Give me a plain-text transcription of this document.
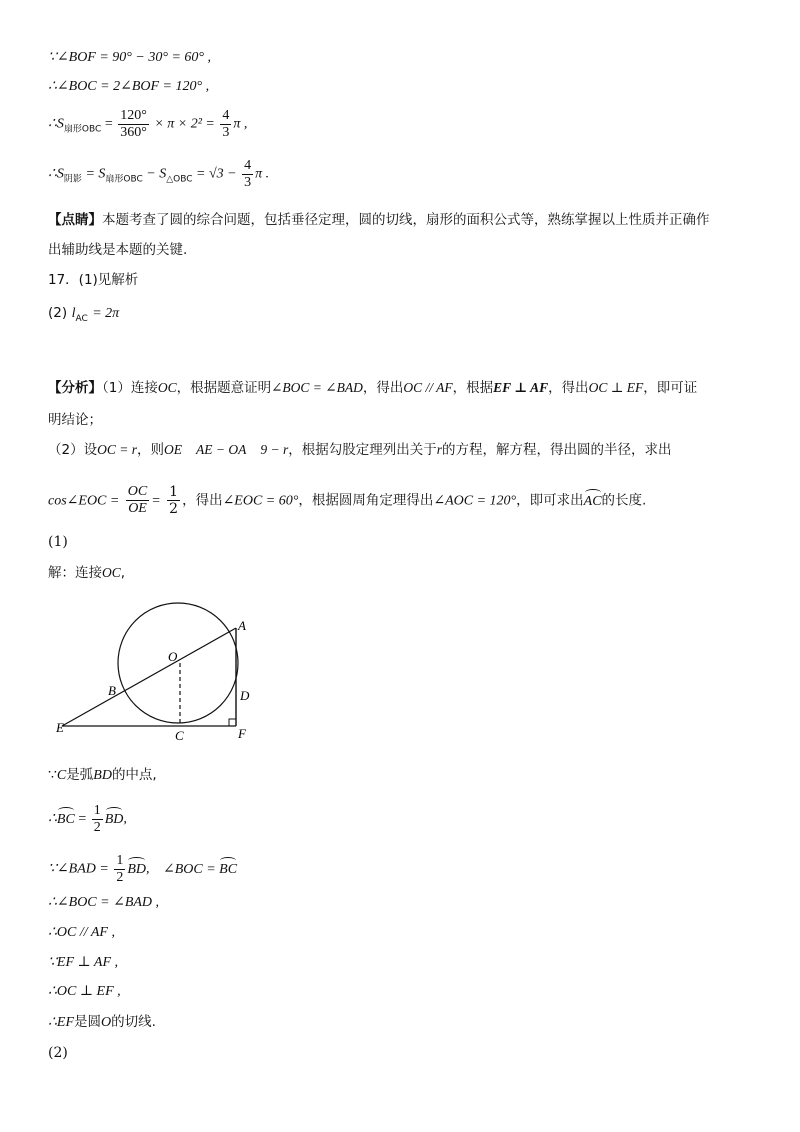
∵∠BOF = 90° − 30° = 60° ,
∴∠BOC = 2∠BOF = 120° ,
$\therefore S_{扇形OBC} = \frac{120^\circ}{360^\circ} \times \pi \times 2^2 = \frac{4}{3}$ π ,
$\therefore S_{阴影} = S_{扇形OBC} - S_{\triangle OBC} = √3 - \frac{4}{3}$ π .
【点睛】本题考查了圆的综合问题，包括垂径定理，圆的切线，扇形的面积公式等，熟练掌握以上性质并正确作
出辅助线是本题的关键.
17．(1)见解析
(2) $l_{AC} = 2\pi$
【分析】（1）连接OC，根据题意证明∠BOC = ∠BAD，得出OC // AF，根据EF ⊥ AF，得出OC ⊥ EF，即可证
明结论；
（2）设OC = r，则OE AE − OA 9 − r，根据勾股定理列出关于r的方程，解方程，得出圆的半径，求出
cos∠EOC = $\frac{OC}{OE} = \frac{1}{2}$ ，得出∠EOC = 60°，根据圆周角定理得出∠AOC = 120°，即可求出AC的长度.
(1)
解：连接OC,
O
A
B	D
E
C	F
∵C是弧BD的中点,
∴BC = $\frac{1}{2}$ BD,
∵∠BAD = $\frac{1}{2}$ BD, ∠BOC = BC
∴∠BOC = ∠BAD ,
∴OC // AF ,
∵EF ⊥ AF ,
∴OC ⊥ EF ,
∴EF是圆O的切线.
(2)
